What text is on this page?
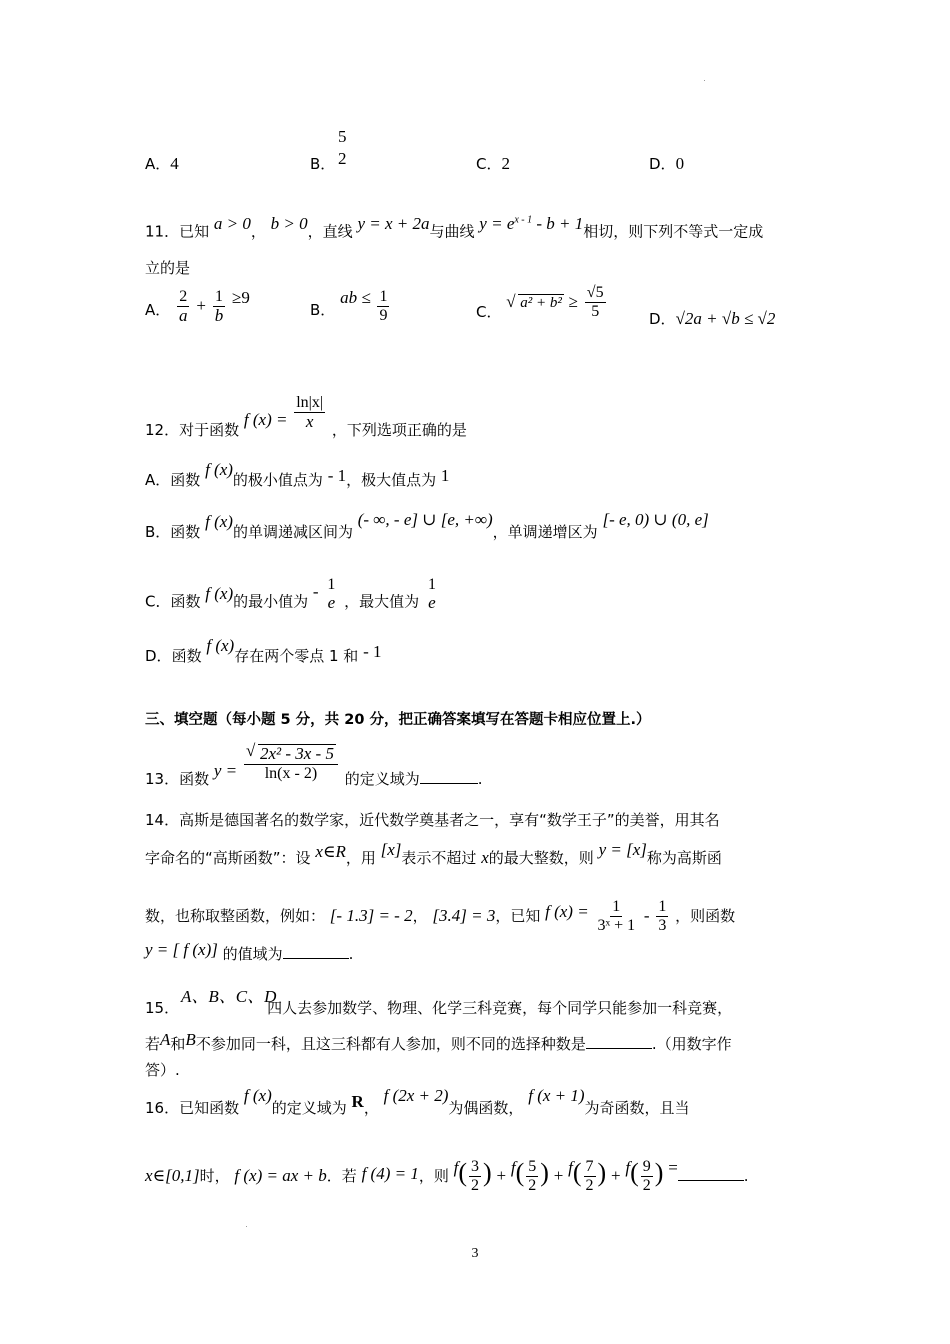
A．4	B．
5
2	C．2	D．0
11．已知 a > 0， b > 0，直线 y = x + 2a与曲线 $y = e^{x - 1} - b + 1$相切，则下列不等式一定成
立的是
A． $\frac{2}{a} + \frac{1}{b} \ge 9$
B． ab ≤ $\frac{1}{9}$	C． √ $a^2 + b^2 \ge \frac{√5}{5}$	D．√2a + √b ≤ √2
12．对于函数 f $(x) = \frac{\ln|x|}{x}$ ，下列选项正确的是
A．函数 f (x)的极小值点为 - 1，极大值点为 1
B．函数 f (x)的单调递减区间为 (- ∞, - e] ∪ [e, +∞)，单调递增区为 [- e, 0) ∪ (0, e]
C．函数 f (x)的最小值为 - 1
e ，最大值为
1
e
D．函数 f (x)存在两个零点 1 和 - 1
三、填空题（每小题 5 分，共 20 分，把正确答案填写在答题卡相应位置上.）
13．函数 y = √ $\frac{\text{2x² - 3x - 5}}{\ln(x - 2)}$ 的定义域为	.
14．高斯是德国著名的数学家，近代数学奠基者之一，享有“数学王子”的美誉，用其名
字命名的“高斯函数”：设 x∈R，用 [x]表示不超过 x的最大整数，则 y = [x]称为高斯函
数，也称取整函数，例如： [- 1.3] = - 2， [3.4] = 3，已知 f $(x) = \frac{1}{\text{3ˣ + 1}} - \frac{1}{3}$ ，则函数
y = [ f (x)] 的值域为	.
A、B、C、D
15．	四人去参加数学、物理、化学三科竞赛，每个同学只能参加一科竞赛，
若A和B不参加同一科，且这三科都有人参加，则不同的选择种数是	.（用数字作
答）.
16．已知函数 f (x)的定义域为 R， f (2x + 2)为偶函数， f (x + 1)为奇函数，且当
x∈[0,1]时， f (x) = ax + b．若 f (4) = 1，则 $f( \frac{3}{2}$ ) + $f( \frac{5}{2}$ ) + $f( \frac{7}{2}$ ) + $f( \frac{9}{2}$ ) =	.
3
